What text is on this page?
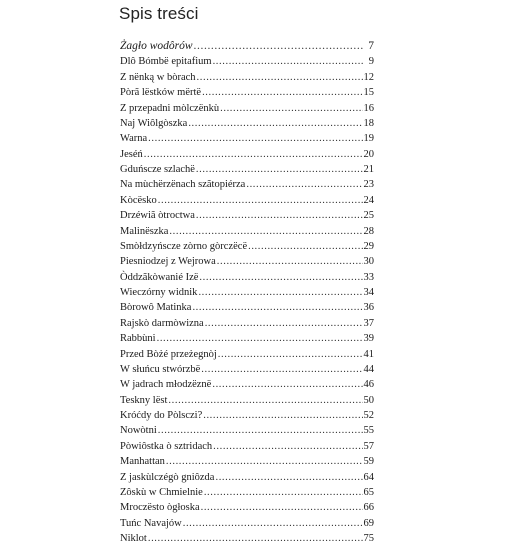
Spis treści
Żagło wodôrów .....	7
Dlô Bómbë epitafium .....	9
Z nënką w bòrach .....	12
Pòrã lëstków mërtë .....	15
Z przepadni mòlczënkù .....	16
Naj Wiôlgòszka .....	18
Warna .....	19
Jeséń .....	20
Gduńscze szlachë .....	21
Na mùchërzënach szãtopiérza .....	23
Kòcësko .....	24
Drzéwiã òtroctwa .....	25
Malinëszka .....	28
Smòłdzyńscze zòrno gòrczëcë .....	29
Piesniodzej z Wejrowa .....	30
Òddzãkòwanié Izë .....	33
Wieczórny widnik .....	34
Bòrowô Matinka .....	36
Rajskò darmòwizna .....	37
Rabbùni .....	39
Przed Bòżé przeżegnòj .....	41
W słuńcu stwórzbë .....	44
W jadrach młodzëznë .....	46
Teskny lëst .....	50
Króćdy do Pòlsczi? .....	52
Nowòtni .....	55
Pòwiôstka ò sztridach .....	57
Manhattan .....	59
Z jaskùlczégò gniôzda .....	64
Zôskù w Chmielnie .....	65
Mroczësto ògłoska .....	66
Tuńc Navajów .....	69
Niklot .....	75
